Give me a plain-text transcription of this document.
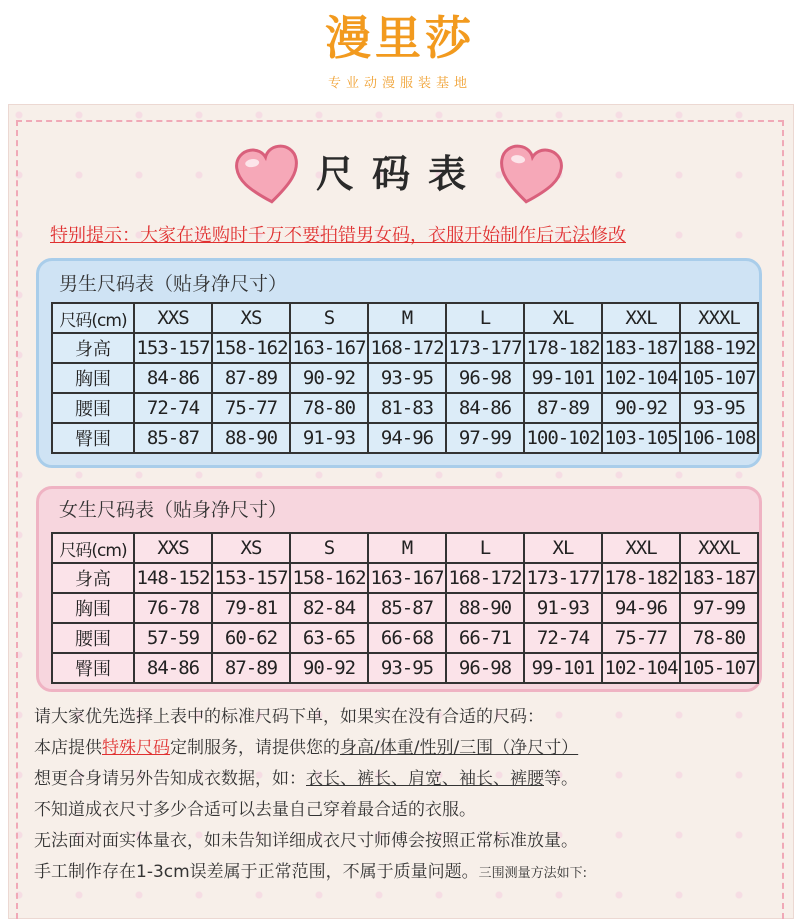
漫里莎
专业动漫服装基地
尺码表
特别提示：大家在选购时千万不要拍错男女码，衣服开始制作后无法修改
男生尺码表（贴身净尺寸）
尺码(cm)	XXS	XS	S	M	L	XL	XXL	XXXL
身高	153-157	158-162	163-167	168-172	173-177	178-182	183-187	188-192
胸围	84-86	87-89	90-92	93-95	96-98	99-101	102-104	105-107
腰围	72-74	75-77	78-80	81-83	84-86	87-89	90-92	93-95
臀围	85-87	88-90	91-93	94-96	97-99	100-102	103-105	106-108
女生尺码表（贴身净尺寸）
尺码(cm)	XXS	XS	S	M	L	XL	XXL	XXXL
身高	148-152	153-157	158-162	163-167	168-172	173-177	178-182	183-187
胸围	76-78	79-81	82-84	85-87	88-90	91-93	94-96	97-99
腰围	57-59	60-62	63-65	66-68	66-71	72-74	75-77	78-80
臀围	84-86	87-89	90-92	93-95	96-98	99-101	102-104	105-107
请大家优先选择上表中的标准尺码下单，如果实在没有合适的尺码：
本店提供特殊尺码定制服务，请提供您的身高/体重/性别/三围（净尺寸）
想更合身请另外告知成衣数据，如：衣长、裤长、肩宽、袖长、裤腰等。
不知道成衣尺寸多少合适可以去量自己穿着最合适的衣服。
无法面对面实体量衣，如未告知详细成衣尺寸师傅会按照正常标准放量。
手工制作存在1-3cm误差属于正常范围，不属于质量问题。三围测量方法如下:
